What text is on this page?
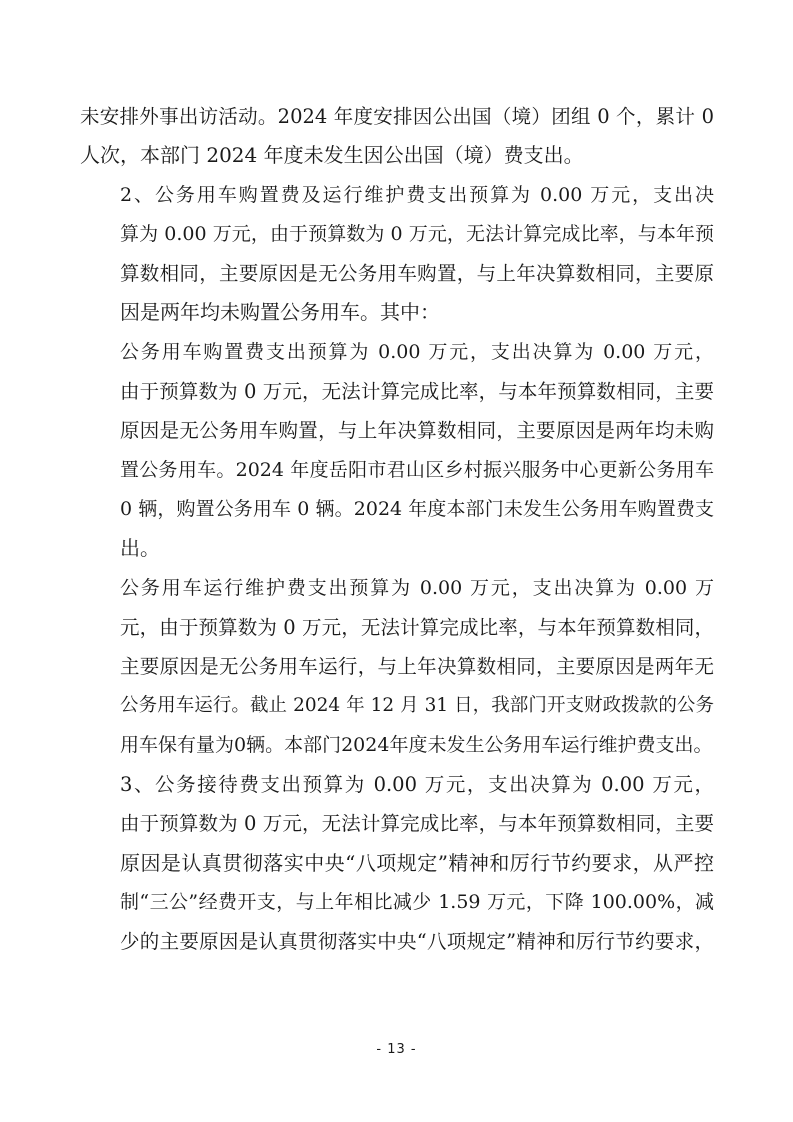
未安排外事出访活动。2024 年度安排因公出国（境）团组 0 个，累计 0
人次，本部门 2024 年度未发生因公出国（境）费支出。

2、公务用车购置费及运行维护费支出预算为 0.00 万元，支出决
算为 0.00 万元，由于预算数为 0 万元，无法计算完成比率，与本年预
算数相同，主要原因是无公务用车购置，与上年决算数相同，主要原
因是两年均未购置公务用车。其中：

公务用车购置费支出预算为 0.00 万元，支出决算为 0.00 万元，
由于预算数为 0 万元，无法计算完成比率，与本年预算数相同，主要
原因是无公务用车购置，与上年决算数相同，主要原因是两年均未购
置公务用车。2024 年度岳阳市君山区乡村振兴服务中心更新公务用车
0 辆，购置公务用车 0 辆。2024 年度本部门未发生公务用车购置费支
出。

公务用车运行维护费支出预算为 0.00 万元，支出决算为 0.00 万
元，由于预算数为 0 万元，无法计算完成比率，与本年预算数相同，
主要原因是无公务用车运行，与上年决算数相同，主要原因是两年无
公务用车运行。截止 2024 年 12 月 31 日，我部门开支财政拨款的公务
用车保有量为0辆。本部门2024年度未发生公务用车运行维护费支出。

3、公务接待费支出预算为 0.00 万元，支出决算为 0.00 万元，
由于预算数为 0 万元，无法计算完成比率，与本年预算数相同，主要
原因是认真贯彻落实中央“八项规定”精神和厉行节约要求，从严控
制“三公”经费开支，与上年相比减少 1.59 万元，下降 100.00%，减
少的主要原因是认真贯彻落实中央“八项规定”精神和厉行节约要求，

- 13 -
